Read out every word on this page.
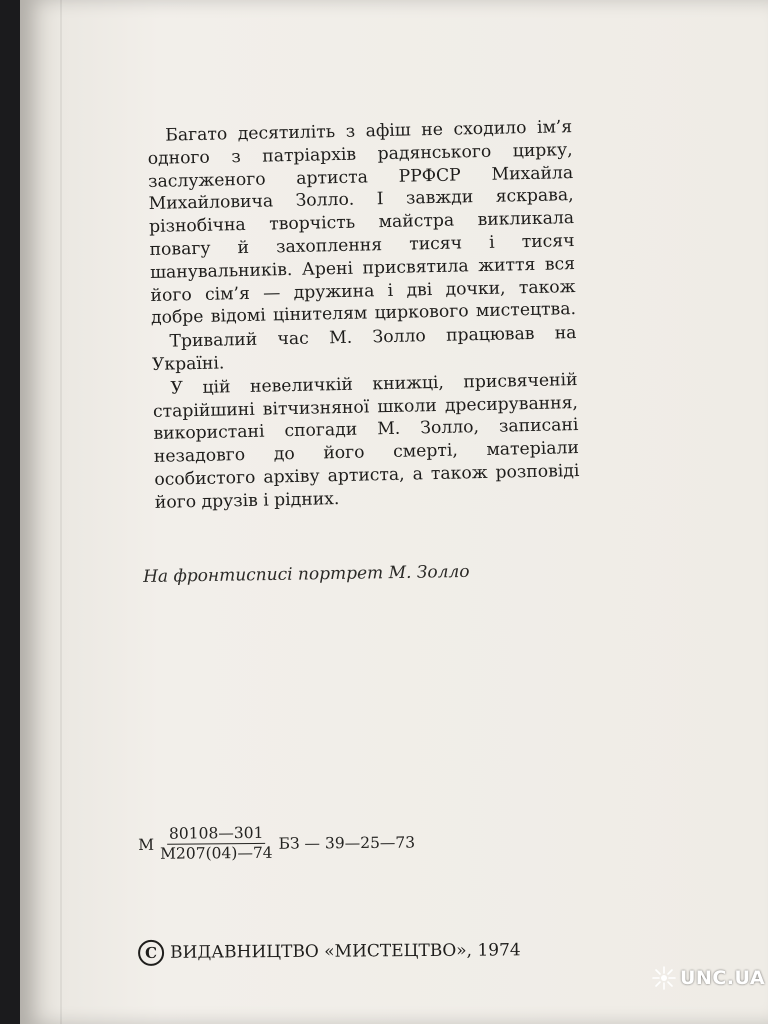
Багато десятиліть з афіш не сходило ім’я одного з патріархів радянського цирку, заслуженого артиста РРФСР Михайла Михайловича Золло. І завжди яскрава, різнобічна творчість майстра викликала повагу й захоплення тисяч і тисяч шанувальників. Арені присвятила життя вся його сім’я — дружина і дві дочки, також добре відомі цінителям циркового мистецтва.

Тривалий час М. Золло працював на Україні.

У цій невеличкій книжці, присвяченій старійшині вітчизняної школи дресирування, використані спогади М. Золло, записані незадовго до його смерті, матеріали особистого архіву артиста, а також розповіді його друзів і рідних.

На фронтисписі портрет М. Золло
М $\frac{80108—301}{М207(04)—74}$ БЗ — 39—25—73
C ВИДАВНИЦТВО «МИСТЕЦТВО», 1974
UNC.UA
